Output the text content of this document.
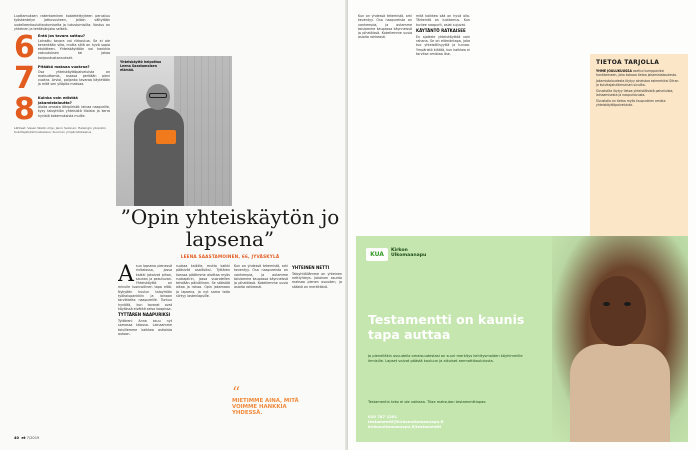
Luottamuksen rakentaminen kosketettyyteen perustuu työskentelyn jatkuvuuteen, jolloin vältytään uudelleenkouluttautumiselta ja tutustumisilta. Vastuu on yhteinen ja tehtävänjako selkeä.

6 Entä jos tavara sattuu?

Lainattu tavara voi rikkoutua. Se ei ole kenenkään vika, mutta siitä on hyvä sopia etukäteen. Yhteiskäyttöön voi hankkia vakuutuksen tai jakaa korjauskustannukset.

7 Pitääkö maksaa vuokraa?

Osa yhteiskäyttöpalveluista on maksuttomia, osassa peritään pieni vuokra. Arvioi, paljonko tavaraa käytetään ja mitä sen ylläpito maksaa.

8 Kuinka voin edistää jakamistaloutta?

Aloita omasta lähipiiristä: lainaa naapurille, kysy taloyhtiön yhteisistä tiloista ja kerro hyvistä kokemuksista muille.

Lähteet: Vesan Wallin ohje; Jenni Salonen; Helsingin yliopisto; Kuluttajatutkimuskeskus; Suomen ympäristökeskus
Yhteiskäyttö helpottaa Leena Saastamoisen elämää.
”Opin yhteiskäytön jo lapsena”
LEENA SAASTAMOINEN, 66, JYVÄSKYLÄ

Asun lapsena pienessä rivitalossa, jossa kaikki jakoivat pihan, saunan ja pesutuvan. Yhteiskäyttö on minulle luonnollinen tapa elää. Nykyään kuulun taloyhtiön työkalupankkiin ja lainaan tarvikkeita naapureille. Tuntuu hyvältä, kun tavarat ovat käytössä eivätkä seiso kaapissa.

TYTTÄREN NAAPURIKSI

Tyttäreni Anna asuu nyt samassa talossa. Lainaamme toisillemme kaikkea astioista autoon.

ruokaa kaikille, mutta kaikki pääsivät osallisiksi. Tyttären kanssa päätimme aloittaa myös ruokapiirin, jossa vuorotellen tehdään päivällinen. Se säästää aikaa ja rahaa. Opin jakamaan jo lapsena, ja nyt sama taito siirtyy lastenlapsille.

Kun on yhdessä tekemistä, arki keventyy. Osa naapureista on vanhempia, ja autamme toisiamme kaupassa käynneissä ja pihatöissä. Kokeilemme uusia asioita rohkeasti.

“
MIETIMME AINA, MITÄ VOIMME HANKKIA YHDESSÄ.
YHTEINEN NETTI

Taloyhtiöllämme on yhteinen nettiyhteys. Jokainen asunto maksaa pienen osuuden, ja säästö on merkittävä.

40 et 7/2019

Kun on yhdessä tekemistä, arki keventyy. Osa naapureista on vanhempia, ja autamme toisiamme kaupassa käynneissä ja pihatöissä. Kokeilemme uusia asioita rohkeasti.

mitä kaikkea sää on hyvä olla. Tärkeintä on luottamus. Kun tuntee naapurit, asiat sujuvat.

KÄYTÄNTÖ RATKAISEE

En ajattele yhteiskäyttöä vain rahana. Se on elämäntapa, joka tuo yhteisöllisyyttä ja turvaa. Ympäristö kiittää, kun kaikkea ei tarvitse omistaa itse.

TIETOA TARJOLLA

YHME JOULUKUUSSA asettui kumppaniksi hankkeeseen, joka kokoaa tietoa jakamistaloudesta.

Jakamistaloudesta löytyy aineistoa esimerkiksi Sitran ja kuluttajatutkimuksen sivuilta.

Sivustoilta löytyy tietoa yhteisöllisistä palveluista, lainaamisesta ja naapuriavusta.

Sivustolla on tietoa myös kaupunkien omista yhteiskäyttöpalveluista.

KUA
Kirkon
Ulkomaanapu
Testamentti on kaunis tapa auttaa
Jo pienelläkin osuudella omaisuudestasi on suuri merkitys kehitysmaiden köyhimmille ihmisille. Lapset voivat päästä kouluun ja aikuiset ammattikoulutusta.
Testamentin teko ei ole vaikeaa. Tilaa maksuton testamenttiopas:
020 787 1201
testamentti@kirkonulkomaanapu.fi
kirkonulkomaanapu.fi/testamentti
